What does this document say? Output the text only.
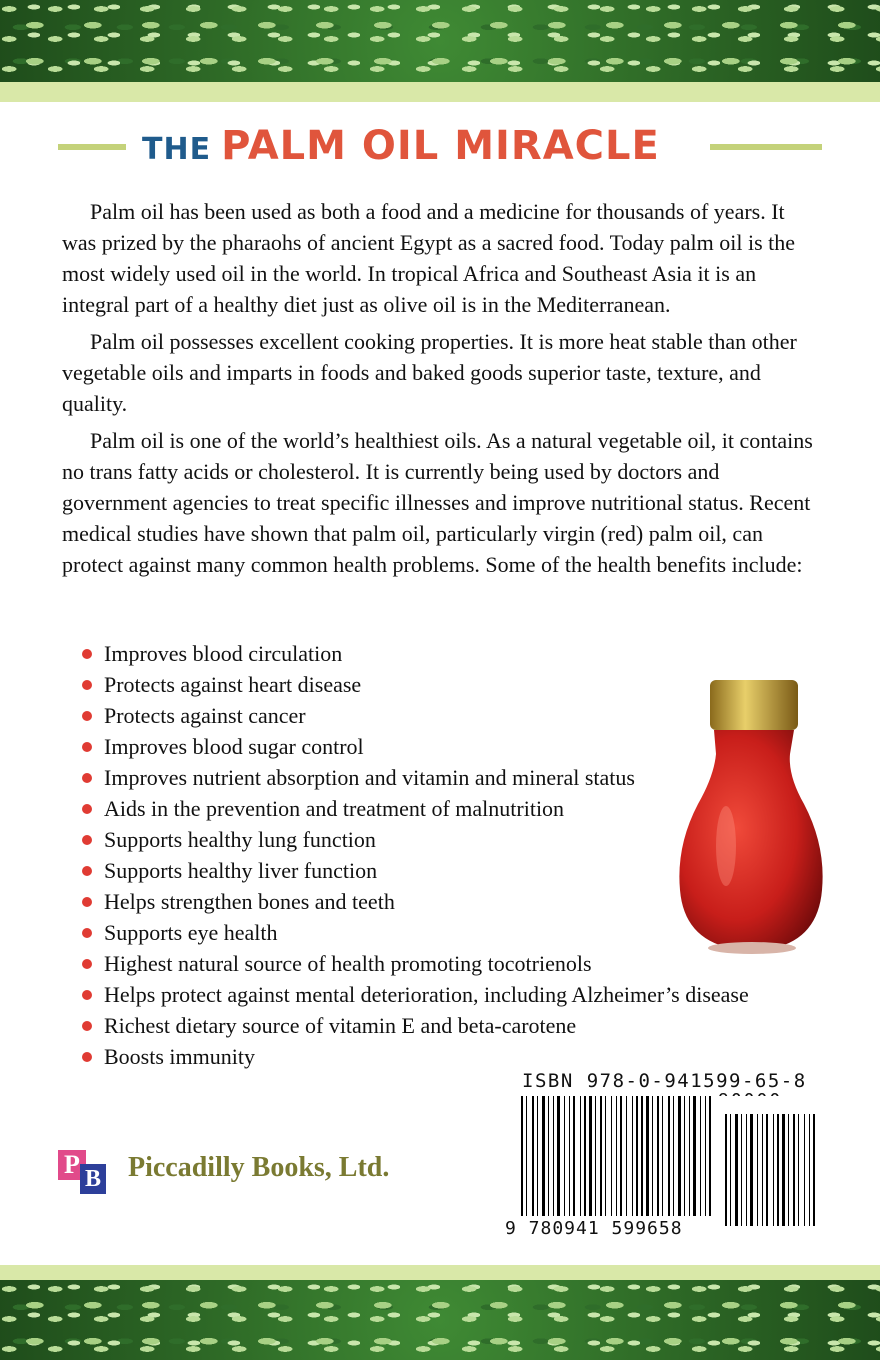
THE PALM OIL MIRACLE

Palm oil has been used as both a food and a medicine for thousands of years. It was prized by the pharaohs of ancient Egypt as a sacred food. Today palm oil is the most widely used oil in the world. In tropical Africa and Southeast Asia it is an integral part of a healthy diet just as olive oil is in the Mediterranean.

Palm oil possesses excellent cooking properties. It is more heat stable than other vegetable oils and imparts in foods and baked goods superior taste, texture, and quality.

Palm oil is one of the world’s healthiest oils. As a natural vegetable oil, it contains no trans fatty acids or cholesterol. It is currently being used by doctors and government agencies to treat specific illnesses and improve nutritional status. Recent medical studies have shown that palm oil, particularly virgin (red) palm oil, can protect against many common health problems. Some of the health benefits include:

Improves blood circulation
Protects against heart disease
Protects against cancer
Improves blood sugar control
Improves nutrient absorption and vitamin and mineral status
Aids in the prevention and treatment of malnutrition
Supports healthy lung function
Supports healthy liver function
Helps strengthen bones and teeth
Supports eye health
Highest natural source of health promoting tocotrienols
Helps protect against mental deterioration, including Alzheimer’s disease
Richest dietary source of vitamin E and beta-carotene
Boosts immunity
ISBN 978-0-941599-65-8
9 780941 599658
P B Piccadilly Books, Ltd.
